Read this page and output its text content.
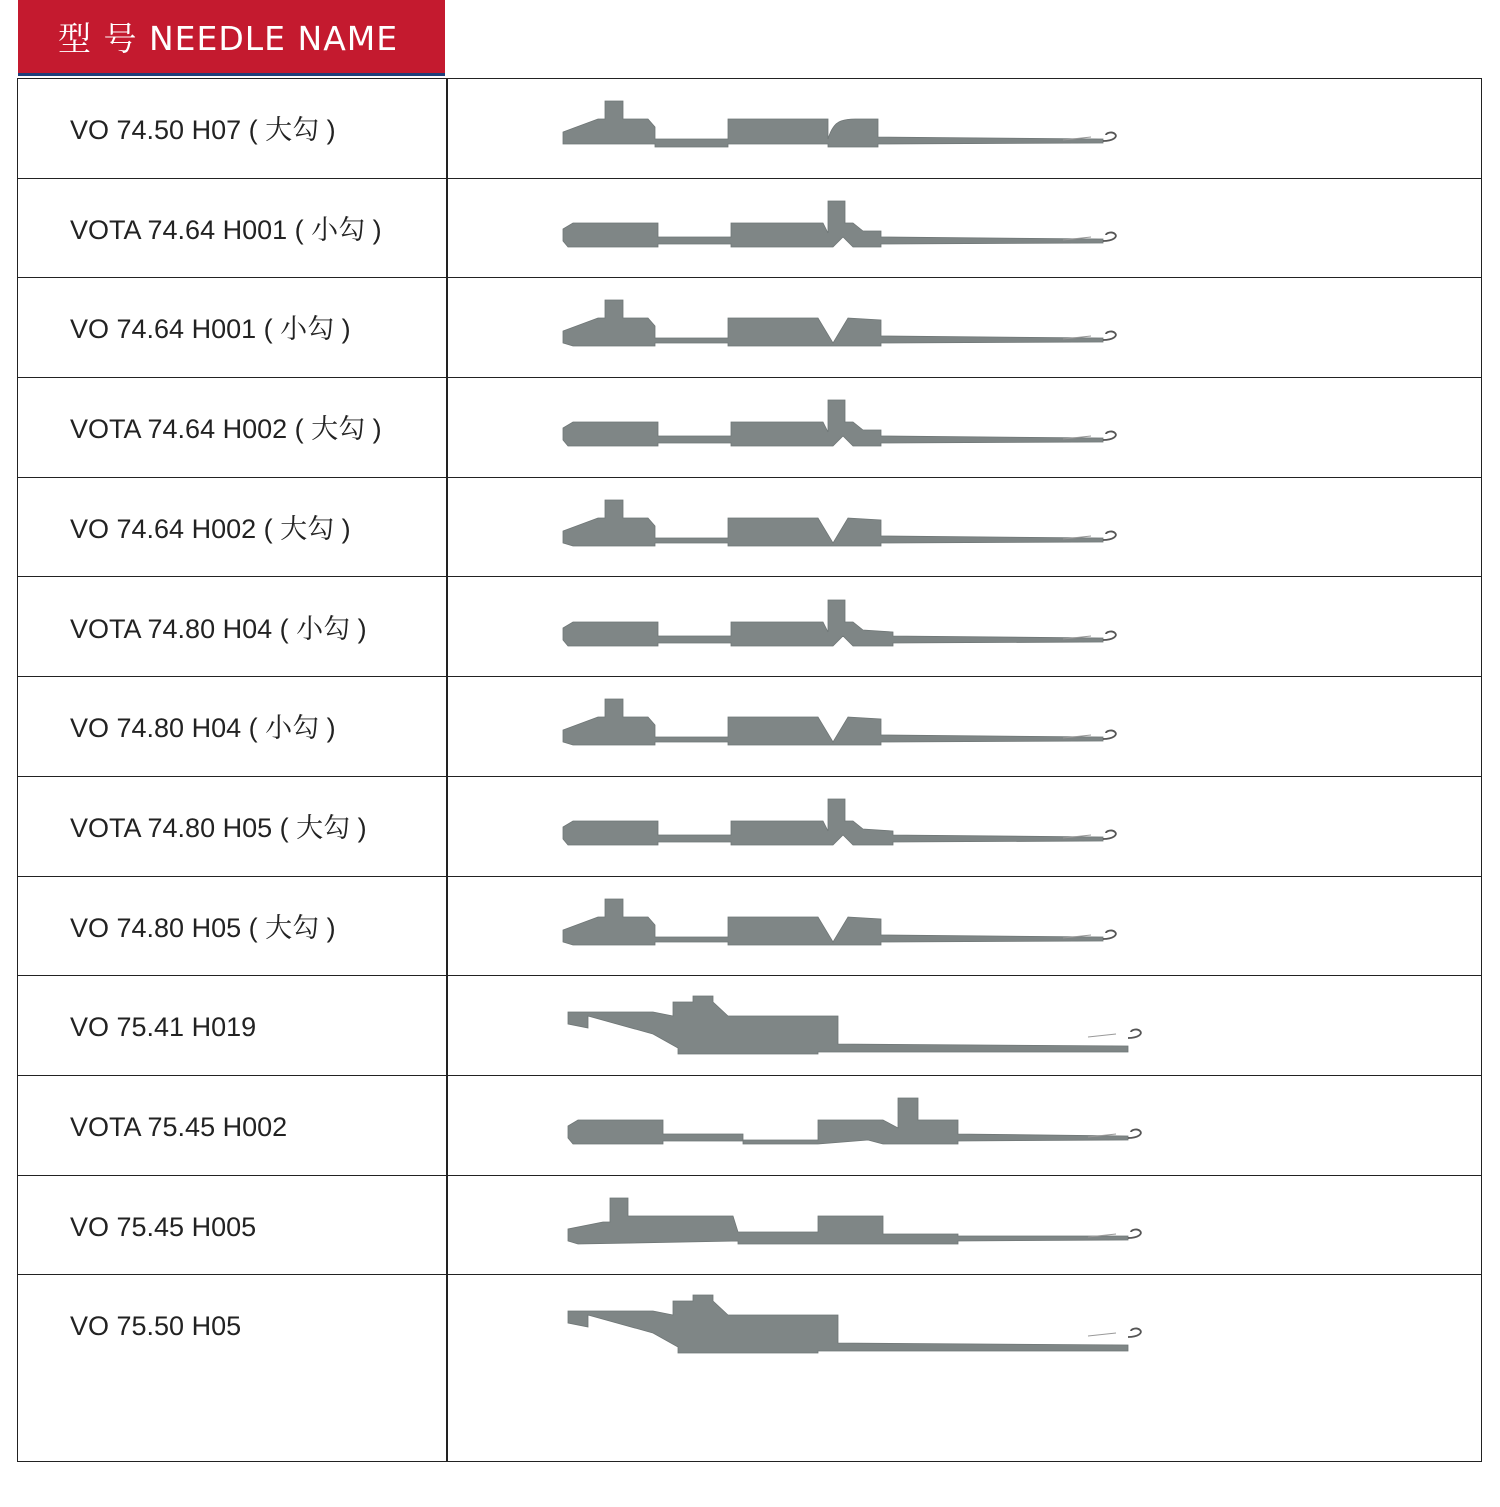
型 号 NEEDLE NAME
VO 74.50 H07 ( 大勾 )
VOTA 74.64 H001 ( 小勾 )
VO 74.64 H001 ( 小勾 )
VOTA 74.64 H002 ( 大勾 )
VO 74.64 H002 ( 大勾 )
VOTA 74.80 H04 ( 小勾 )
VO 74.80 H04 ( 小勾 )
VOTA 74.80 H05 ( 大勾 )
VO 74.80 H05 ( 大勾 )
VO 75.41 H019
VOTA 75.45 H002
VO 75.45 H005
VO 75.50 H05
